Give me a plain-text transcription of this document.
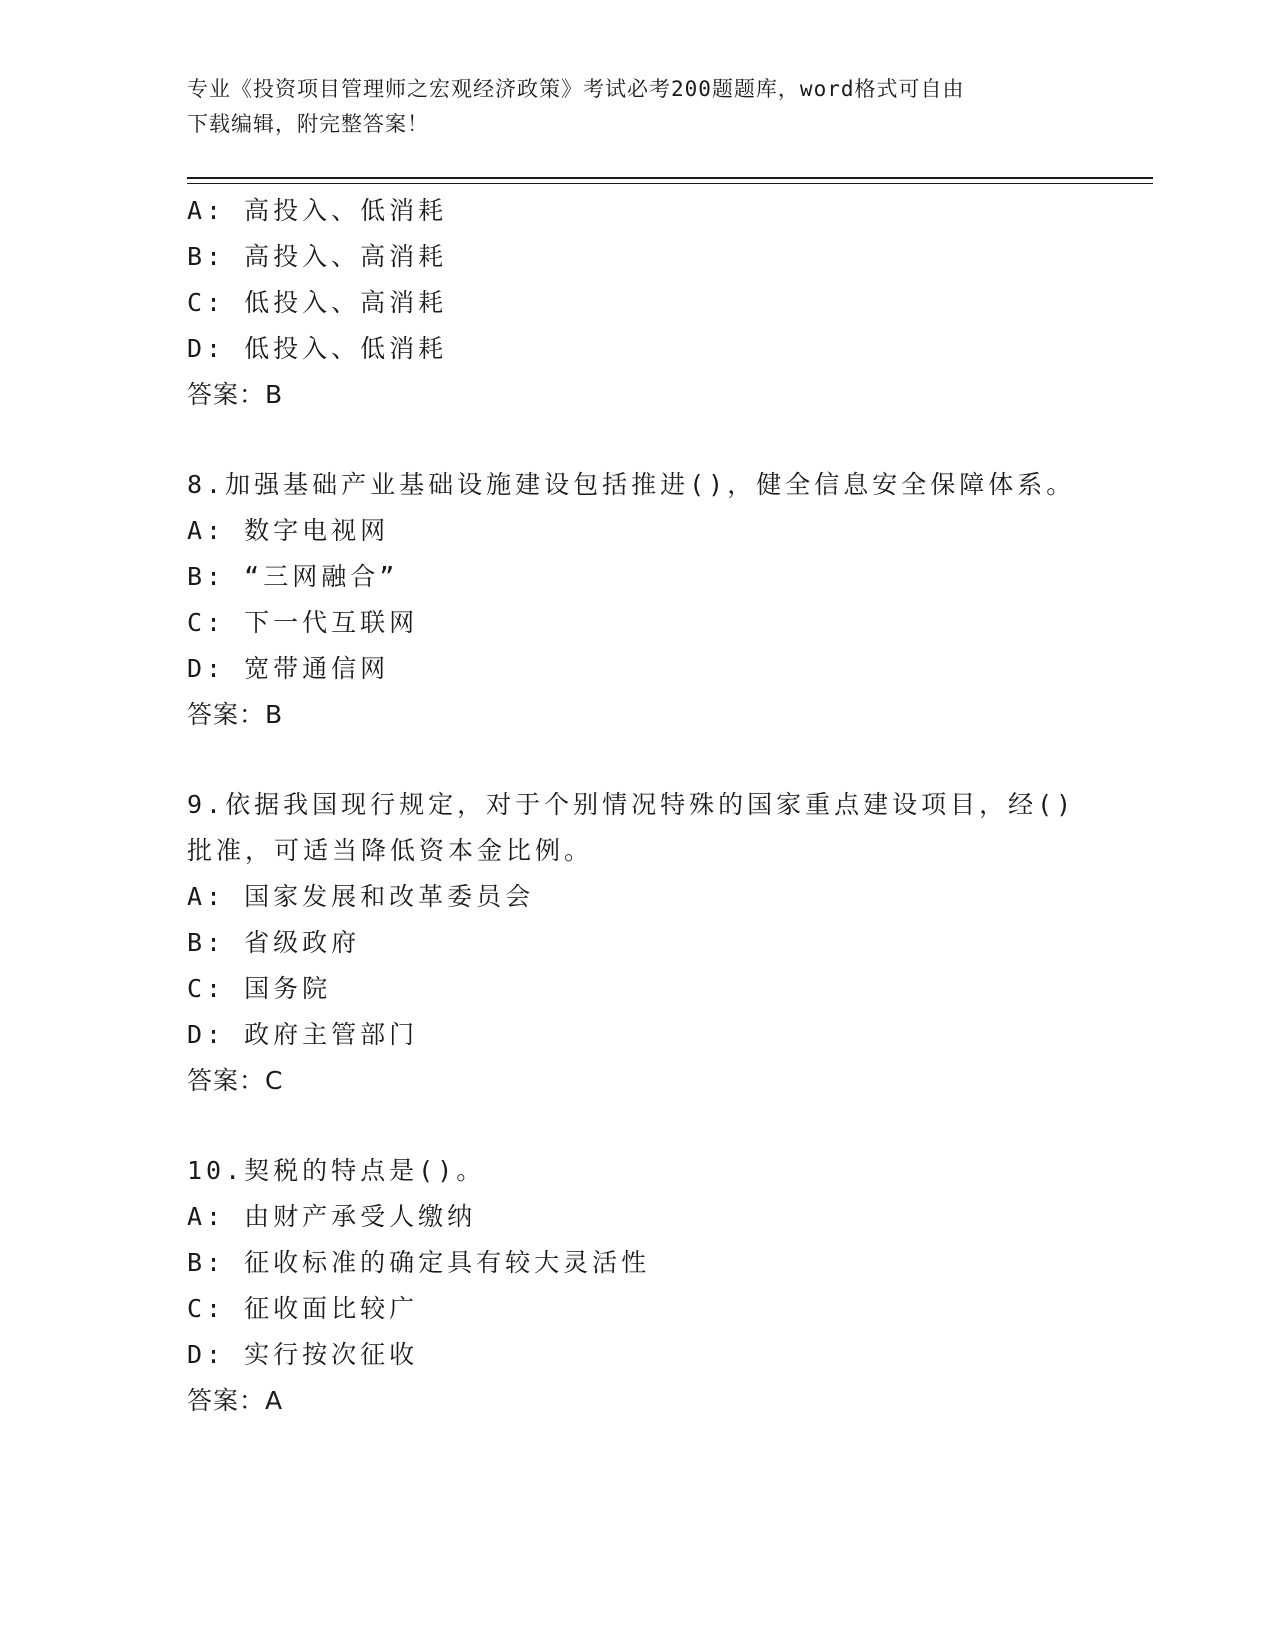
专业《投资项目管理师之宏观经济政策》考试必考200题题库，word格式可自由
下载编辑，附完整答案！
A: 高投入、低消耗
B: 高投入、高消耗
C: 低投入、高消耗
D: 低投入、低消耗
答案：B
8.加强基础产业基础设施建设包括推进()，健全信息安全保障体系。
A: 数字电视网
B: “三网融合”
C: 下一代互联网
D: 宽带通信网
答案：B
9.依据我国现行规定，对于个别情况特殊的国家重点建设项目，经()
批准，可适当降低资本金比例。
A: 国家发展和改革委员会
B: 省级政府
C: 国务院
D: 政府主管部门
答案：C
10.契税的特点是()。
A: 由财产承受人缴纳
B: 征收标准的确定具有较大灵活性
C: 征收面比较广
D: 实行按次征收
答案：A
